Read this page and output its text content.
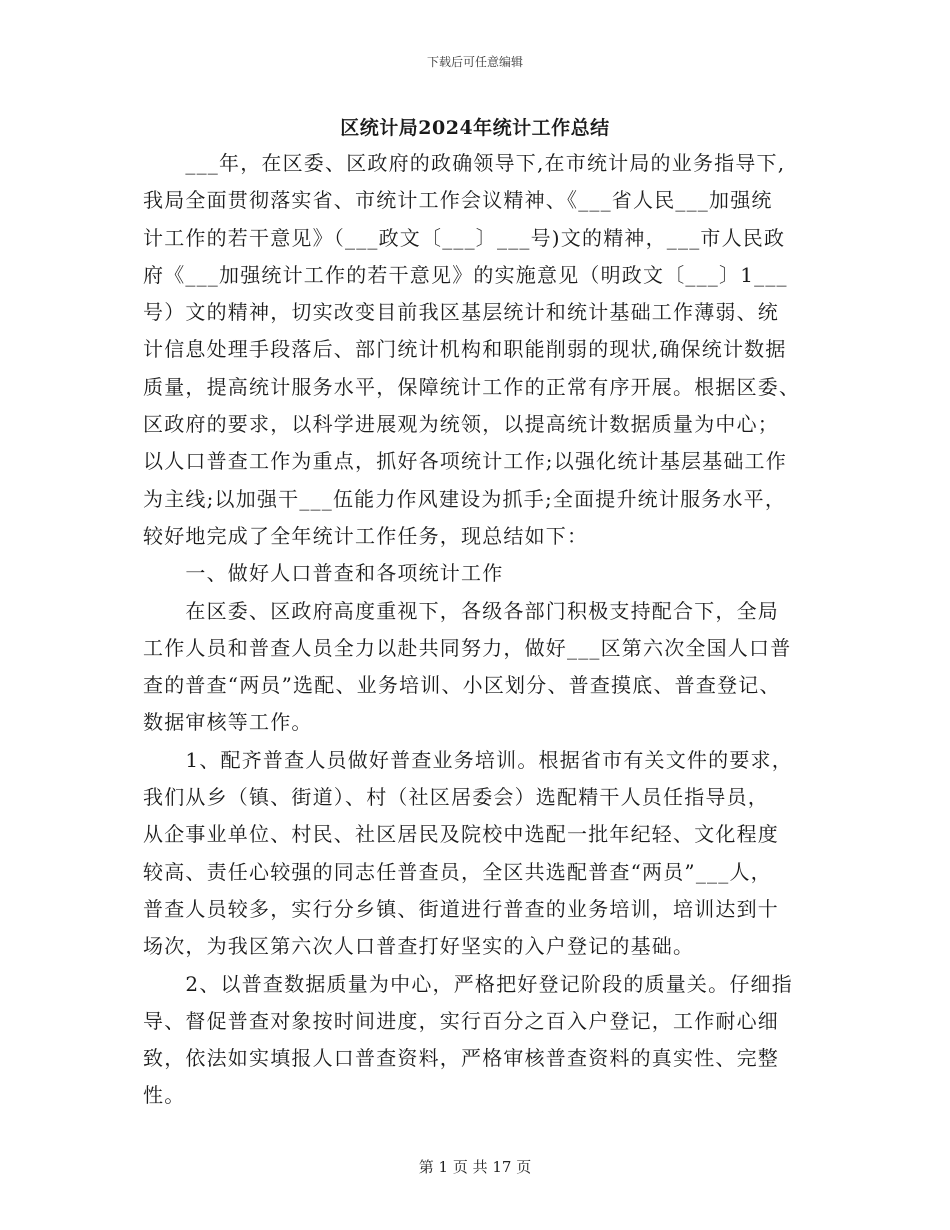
下载后可任意编辑
区统计局2024年统计工作总结
　　___年，在区委、区政府的政确领导下,在市统计局的业务指导下,
我局全面贯彻落实省、市统计工作会议精神、《___省人民___加强统
计工作的若干意见》（___政文〔___〕___号)文的精神，___市人民政
府《___加强统计工作的若干意见》的实施意见（明政文〔___〕1___
号）文的精神，切实改变目前我区基层统计和统计基础工作薄弱、统
计信息处理手段落后、部门统计机构和职能削弱的现状,确保统计数据
质量，提高统计服务水平，保障统计工作的正常有序开展。根据区委、
区政府的要求，以科学进展观为统领，以提高统计数据质量为中心；
以人口普查工作为重点，抓好各项统计工作;以强化统计基层基础工作
为主线;以加强干___伍能力作风建设为抓手;全面提升统计服务水平，
较好地完成了全年统计工作任务，现总结如下：
　　一、做好人口普查和各项统计工作
　　在区委、区政府高度重视下，各级各部门积极支持配合下，全局
工作人员和普查人员全力以赴共同努力，做好___区第六次全国人口普
查的普查“两员”选配、业务培训、小区划分、普查摸底、普查登记、
数据审核等工作。
　　1、配齐普查人员做好普查业务培训。根据省市有关文件的要求，
我们从乡（镇、街道）、村（社区居委会）选配精干人员任指导员，
从企事业单位、村民、社区居民及院校中选配一批年纪轻、文化程度
较高、责任心较强的同志任普查员，全区共选配普查“两员”___人，
普查人员较多，实行分乡镇、街道进行普查的业务培训，培训达到十
场次，为我区第六次人口普查打好坚实的入户登记的基础。
　　2、以普查数据质量为中心，严格把好登记阶段的质量关。仔细指
导、督促普查对象按时间进度，实行百分之百入户登记，工作耐心细
致，依法如实填报人口普查资料，严格审核普查资料的真实性、完整
性。
第 1 页 共 17 页
